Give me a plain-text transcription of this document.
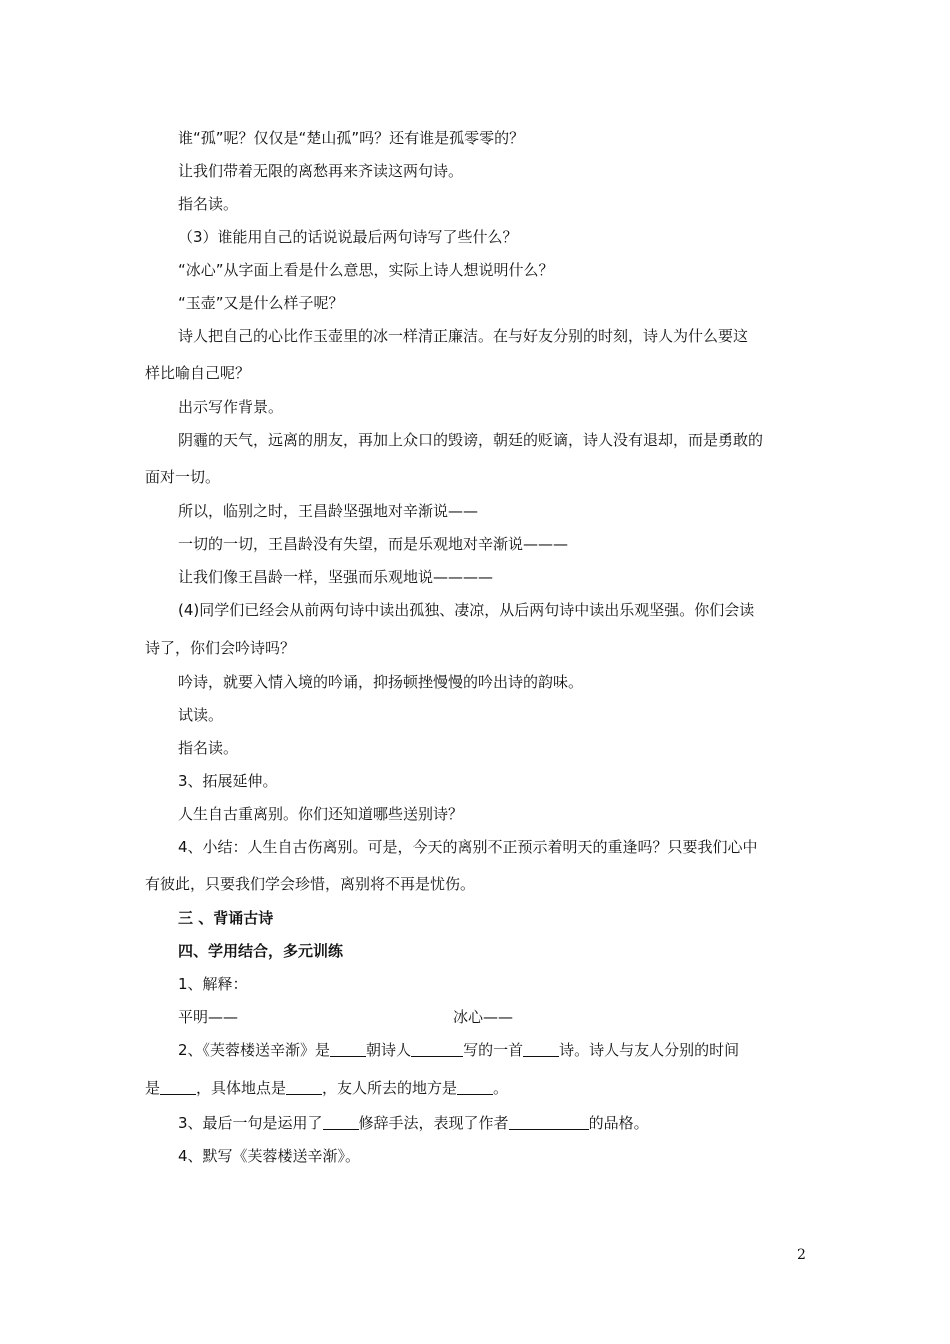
谁“孤”呢？仅仅是“楚山孤”吗？还有谁是孤零零的？
让我们带着无限的离愁再来齐读这两句诗。
指名读。
（3）谁能用自己的话说说最后两句诗写了些什么？
“冰心”从字面上看是什么意思，实际上诗人想说明什么？
“玉壶”又是什么样子呢？
诗人把自己的心比作玉壶里的冰一样清正廉洁。在与好友分别的时刻，诗人为什么要这
样比喻自己呢？
出示写作背景。
阴霾的天气，远离的朋友，再加上众口的毁谤，朝廷的贬谪，诗人没有退却，而是勇敢的
面对一切。
所以，临别之时，王昌龄坚强地对辛渐说——
一切的一切，王昌龄没有失望，而是乐观地对辛渐说———
让我们像王昌龄一样，坚强而乐观地说————
(4)同学们已经会从前两句诗中读出孤独、凄凉，从后两句诗中读出乐观坚强。你们会读
诗了，你们会吟诗吗？
吟诗，就要入情入境的吟诵，抑扬顿挫慢慢的吟出诗的韵味。
试读。
指名读。
3、拓展延伸。
人生自古重离别。你们还知道哪些送别诗？
4、小结：人生自古伤离别。可是，今天的离别不正预示着明天的重逢吗？只要我们心中
有彼此，只要我们学会珍惜，离别将不再是忧伤。
三 、背诵古诗
四、学用结合，多元训练
1、解释：
平明——	冰心——
2、《芙蓉楼送辛渐》是 朝诗人	写的一首 诗。诗人与友人分别的时间
是 ，具体地点是 ，友人所去的地方是 。
3、最后一句是运用了 修辞手法，表现了作者	的品格。
4、默写《芙蓉楼送辛渐》。
2
